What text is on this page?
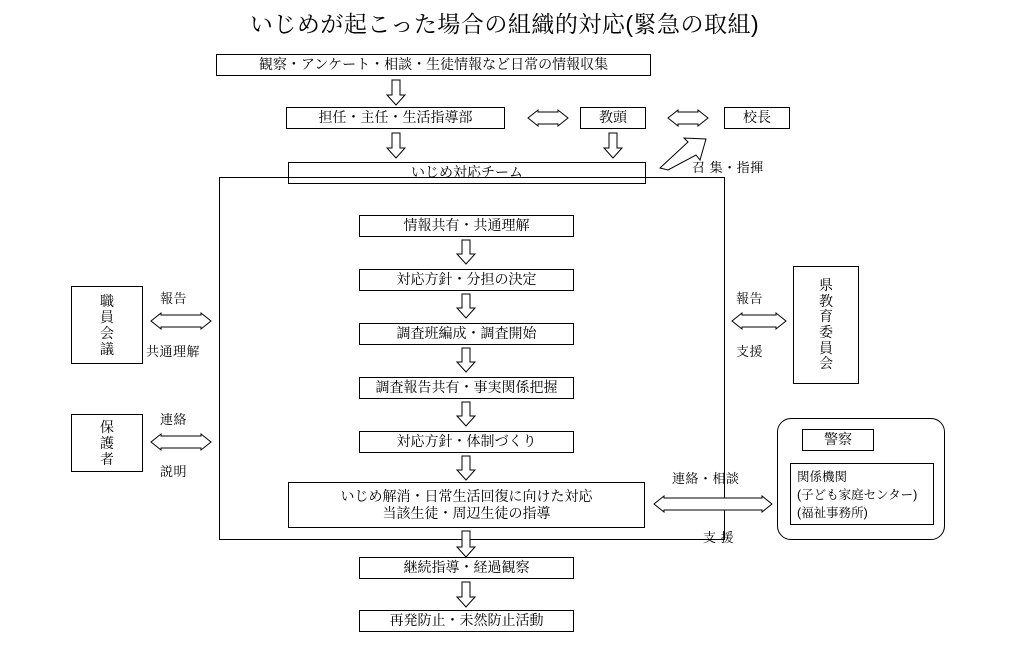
いじめが起こった場合の組織的対応(緊急の取組)
観察・アンケート・相談・生徒情報など日常の情報収集
担任・主任・生活指導部	教頭	校長
召 集・指揮
いじめ対応チーム
情報共有・共通理解
対応方針・分担の決定
調査班編成・調査開始
調査報告共有・事実関係把握
対応方針・体制づくり
いじめ解消・日常生活回復に向けた対応
当該生徒・周辺生徒の指導
継続指導・経過観察
再発防止・未然防止活動
職
員
会
議
報告
共通理解
保
護
者
連絡
説明
県
教
育
委
員
会
報告
支援
警察
関係機関
(子ども家庭センター)
(福祉事務所)
連絡・相談
支 援
